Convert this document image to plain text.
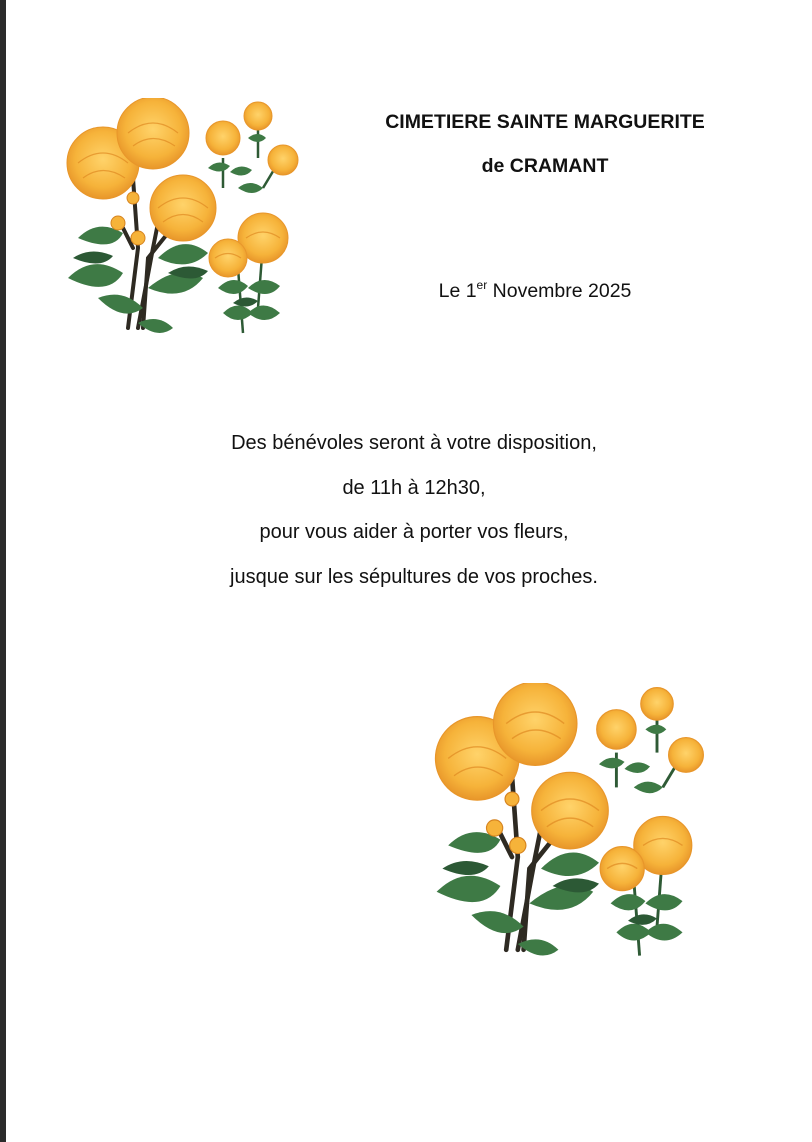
CIMETIERE SAINTE MARGUERITE
de CRAMANT
Le 1er Novembre 2025
Des bénévoles seront à votre disposition,
de 11h à 12h30,
pour vous aider à porter vos fleurs,
jusque sur les sépultures de vos proches.
